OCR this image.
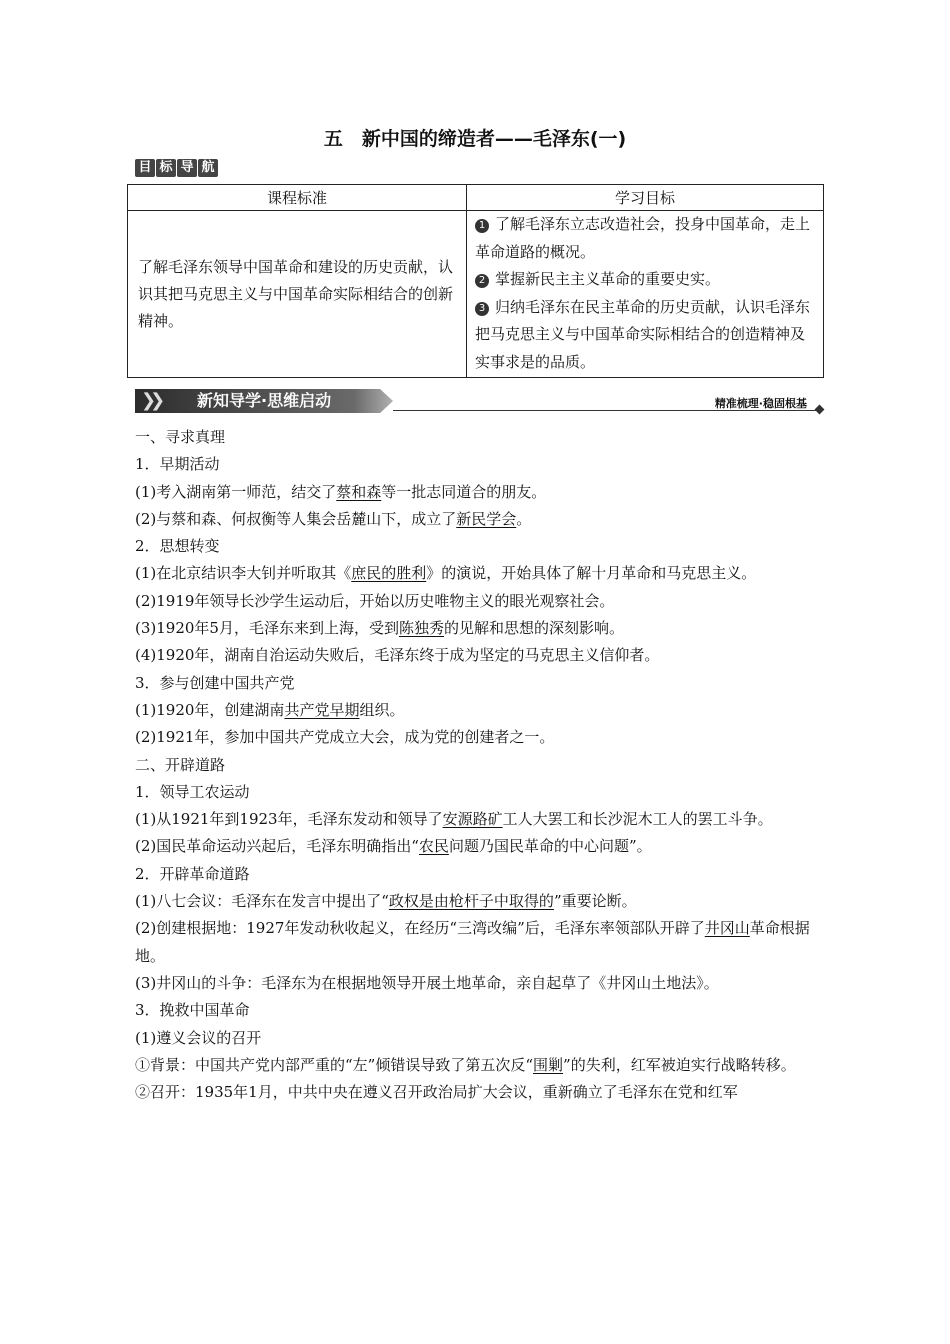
五　新中国的缔造者——毛泽东(一)
目 标 导 航
课程标准	学习目标
了解毛泽东领导中国革命和建设的历史贡献，认识其把马克思主义与中国革命实际相结合的创新精神。	1 了解毛泽东立志改造社会，投身中国革命，走上革命道路的概况。
2 掌握新民主主义革命的重要史实。
3 归纳毛泽东在民主革命的历史贡献，认识毛泽东把马克思主义与中国革命实际相结合的创造精神及实事求是的品质。
❯❯ 新知导学·思维启动	精准梳理·稳固根基

一、寻求真理

1．早期活动

(1)考入湖南第一师范，结交了蔡和森等一批志同道合的朋友。

(2)与蔡和森、何叔衡等人集会岳麓山下，成立了新民学会。

2．思想转变

(1)在北京结识李大钊并听取其《庶民的胜利》的演说，开始具体了解十月革命和马克思主义。

(2)1919年领导长沙学生运动后，开始以历史唯物主义的眼光观察社会。

(3)1920年5月，毛泽东来到上海，受到陈独秀的见解和思想的深刻影响。

(4)1920年，湖南自治运动失败后，毛泽东终于成为坚定的马克思主义信仰者。

3．参与创建中国共产党

(1)1920年，创建湖南共产党早期组织。

(2)1921年，参加中国共产党成立大会，成为党的创建者之一。

二、开辟道路

1．领导工农运动

(1)从1921年到1923年，毛泽东发动和领导了安源路矿工人大罢工和长沙泥木工人的罢工斗争。

(2)国民革命运动兴起后，毛泽东明确指出“农民问题乃国民革命的中心问题”。

2．开辟革命道路

(1)八七会议：毛泽东在发言中提出了“政权是由枪杆子中取得的”重要论断。

(2)创建根据地：1927年发动秋收起义，在经历“三湾改编”后，毛泽东率领部队开辟了井冈山革命根据地。

(3)井冈山的斗争：毛泽东为在根据地领导开展土地革命，亲自起草了《井冈山土地法》。

3．挽救中国革命

(1)遵义会议的召开

①背景：中国共产党内部严重的“左”倾错误导致了第五次反“围剿”的失利，红军被迫实行战略转移。

②召开：1935年1月，中共中央在遵义召开政治局扩大会议，重新确立了毛泽东在党和红军
